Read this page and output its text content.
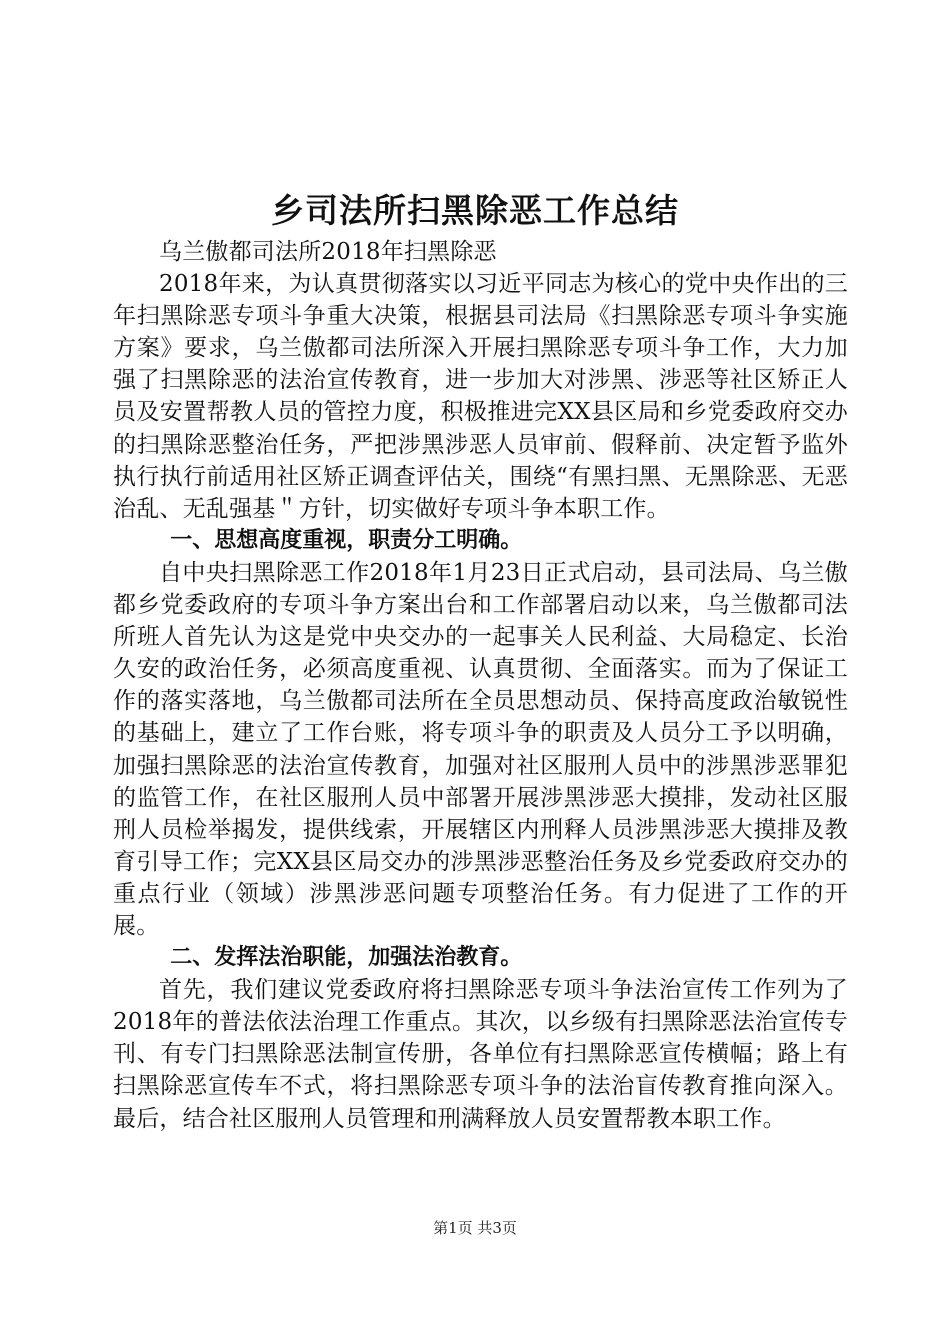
乡司法所扫黑除恶工作总结

乌兰傲都司法所2018年扫黑除恶

2018年来，为认真贯彻落实以习近平同志为核心的党中央作出的三年扫黑除恶专项斗争重大决策，根据县司法局《扫黑除恶专项斗争实施方案》要求，乌兰傲都司法所深入开展扫黑除恶专项斗争工作，大力加强了扫黑除恶的法治宣传教育，进一步加大对涉黑、涉恶等社区矫正人员及安置帮教人员的管控力度，积极推进完XX县区局和乡党委政府交办的扫黑除恶整治任务，严把涉黑涉恶人员审前、假释前、决定暂予监外执行执行前适用社区矫正调查评估关，围绕“有黑扫黑、无黑除恶、无恶治乱、无乱强基＂方针，切实做好专项斗争本职工作。

一、思想高度重视，职责分工明确。

自中央扫黑除恶工作2018年1月23日正式启动，县司法局、乌兰傲都乡党委政府的专项斗争方案出台和工作部署启动以来，乌兰傲都司法所班人首先认为这是党中央交办的一起事关人民利益、大局稳定、长治久安的政治任务，必须高度重视、认真贯彻、全面落实。而为了保证工作的落实落地，乌兰傲都司法所在全员思想动员、保持高度政治敏锐性的基础上，建立了工作台账，将专项斗争的职责及人员分工予以明确，加强扫黑除恶的法治宣传教育，加强对社区服刑人员中的涉黑涉恶罪犯的监管工作，在社区服刑人员中部署开展涉黑涉恶大摸排，发动社区服刑人员检举揭发，提供线索，开展辖区内刑释人员涉黑涉恶大摸排及教育引导工作；完XX县区局交办的涉黑涉恶整治任务及乡党委政府交办的重点行业（领域）涉黑涉恶问题专项整治任务。有力促进了工作的开展。

二、发挥法治职能，加强法治教育。

首先，我们建议党委政府将扫黑除恶专项斗争法治宣传工作列为了2018年的普法依法治理工作重点。其次，以乡级有扫黑除恶法治宣传专刊、有专门扫黑除恶法制宣传册，各单位有扫黑除恶宣传横幅；路上有扫黑除恶宣传车不式，将扫黑除恶专项斗争的法治盲传教育推向深入。最后，结合社区服刑人员管理和刑满释放人员安置帮教本职工作。

第1页 共3页
